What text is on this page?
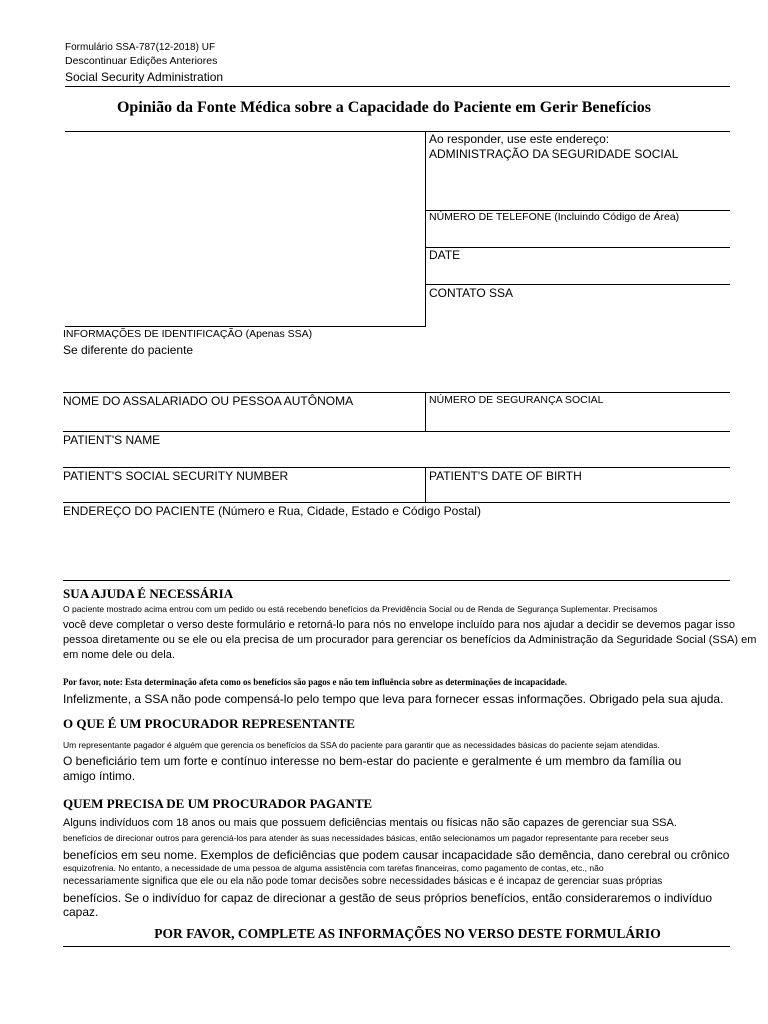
Formulário SSA-787(12-2018) UF
Descontinuar Edições Anteriores
Social Security Administration
Opinião da Fonte Médica sobre a Capacidade do Paciente em Gerir Benefícios
Ao responder, use este endereço:
ADMINISTRAÇÃO DA SEGURIDADE SOCIAL
NÚMERO DE TELEFONE (Incluindo Código de Área)
DATE
CONTATO SSA
INFORMAÇÕES DE IDENTIFICAÇÃO (Apenas SSA)
Se diferente do paciente
NOME DO ASSALARIADO OU PESSOA AUTÔNOMA	NÚMERO DE SEGURANÇA SOCIAL
PATIENT'S NAME
PATIENT'S SOCIAL SECURITY NUMBER	PATIENT'S DATE OF BIRTH
ENDEREÇO DO PACIENTE (Número e Rua, Cidade, Estado e Código Postal)
SUA AJUDA É NECESSÁRIA
O paciente mostrado acima entrou com um pedido ou está recebendo benefícios da Previdência Social ou de Renda de Segurança Suplementar. Precisamos
você deve completar o verso deste formulário e retorná-lo para nós no envelope incluído para nos ajudar a decidir se devemos pagar isso
pessoa diretamente ou se ele ou ela precisa de um procurador para gerenciar os benefícios da Administração da Seguridade Social (SSA) em
em nome dele ou dela.
Por favor, note: Esta determinação afeta como os benefícios são pagos e não tem influência sobre as determinações de incapacidade.
Infelizmente, a SSA não pode compensá-lo pelo tempo que leva para fornecer essas informações. Obrigado pela sua ajuda.
O QUE É UM PROCURADOR REPRESENTANTE
Um representante pagador é alguém que gerencia os benefícios da SSA do paciente para garantir que as necessidades básicas do paciente sejam atendidas.
O beneficiário tem um forte e contínuo interesse no bem-estar do paciente e geralmente é um membro da família ou
amigo íntimo.
QUEM PRECISA DE UM PROCURADOR PAGANTE
Alguns indivíduos com 18 anos ou mais que possuem deficiências mentais ou físicas não são capazes de gerenciar sua SSA.
benefícios de direcionar outros para gerenciá-los para atender às suas necessidades básicas, então selecionamos um pagador representante para receber seus
benefícios em seu nome. Exemplos de deficiências que podem causar incapacidade são demência, dano cerebral ou crônico
esquizofrenia. No entanto, a necessidade de uma pessoa de alguma assistência com tarefas financeiras, como pagamento de contas, etc., não
necessariamente significa que ele ou ela não pode tomar decisões sobre necessidades básicas e é incapaz de gerenciar suas próprias
benefícios. Se o indivíduo for capaz de direcionar a gestão de seus próprios benefícios, então consideraremos o indivíduo
capaz.
POR FAVOR, COMPLETE AS INFORMAÇÕES NO VERSO DESTE FORMULÁRIO
